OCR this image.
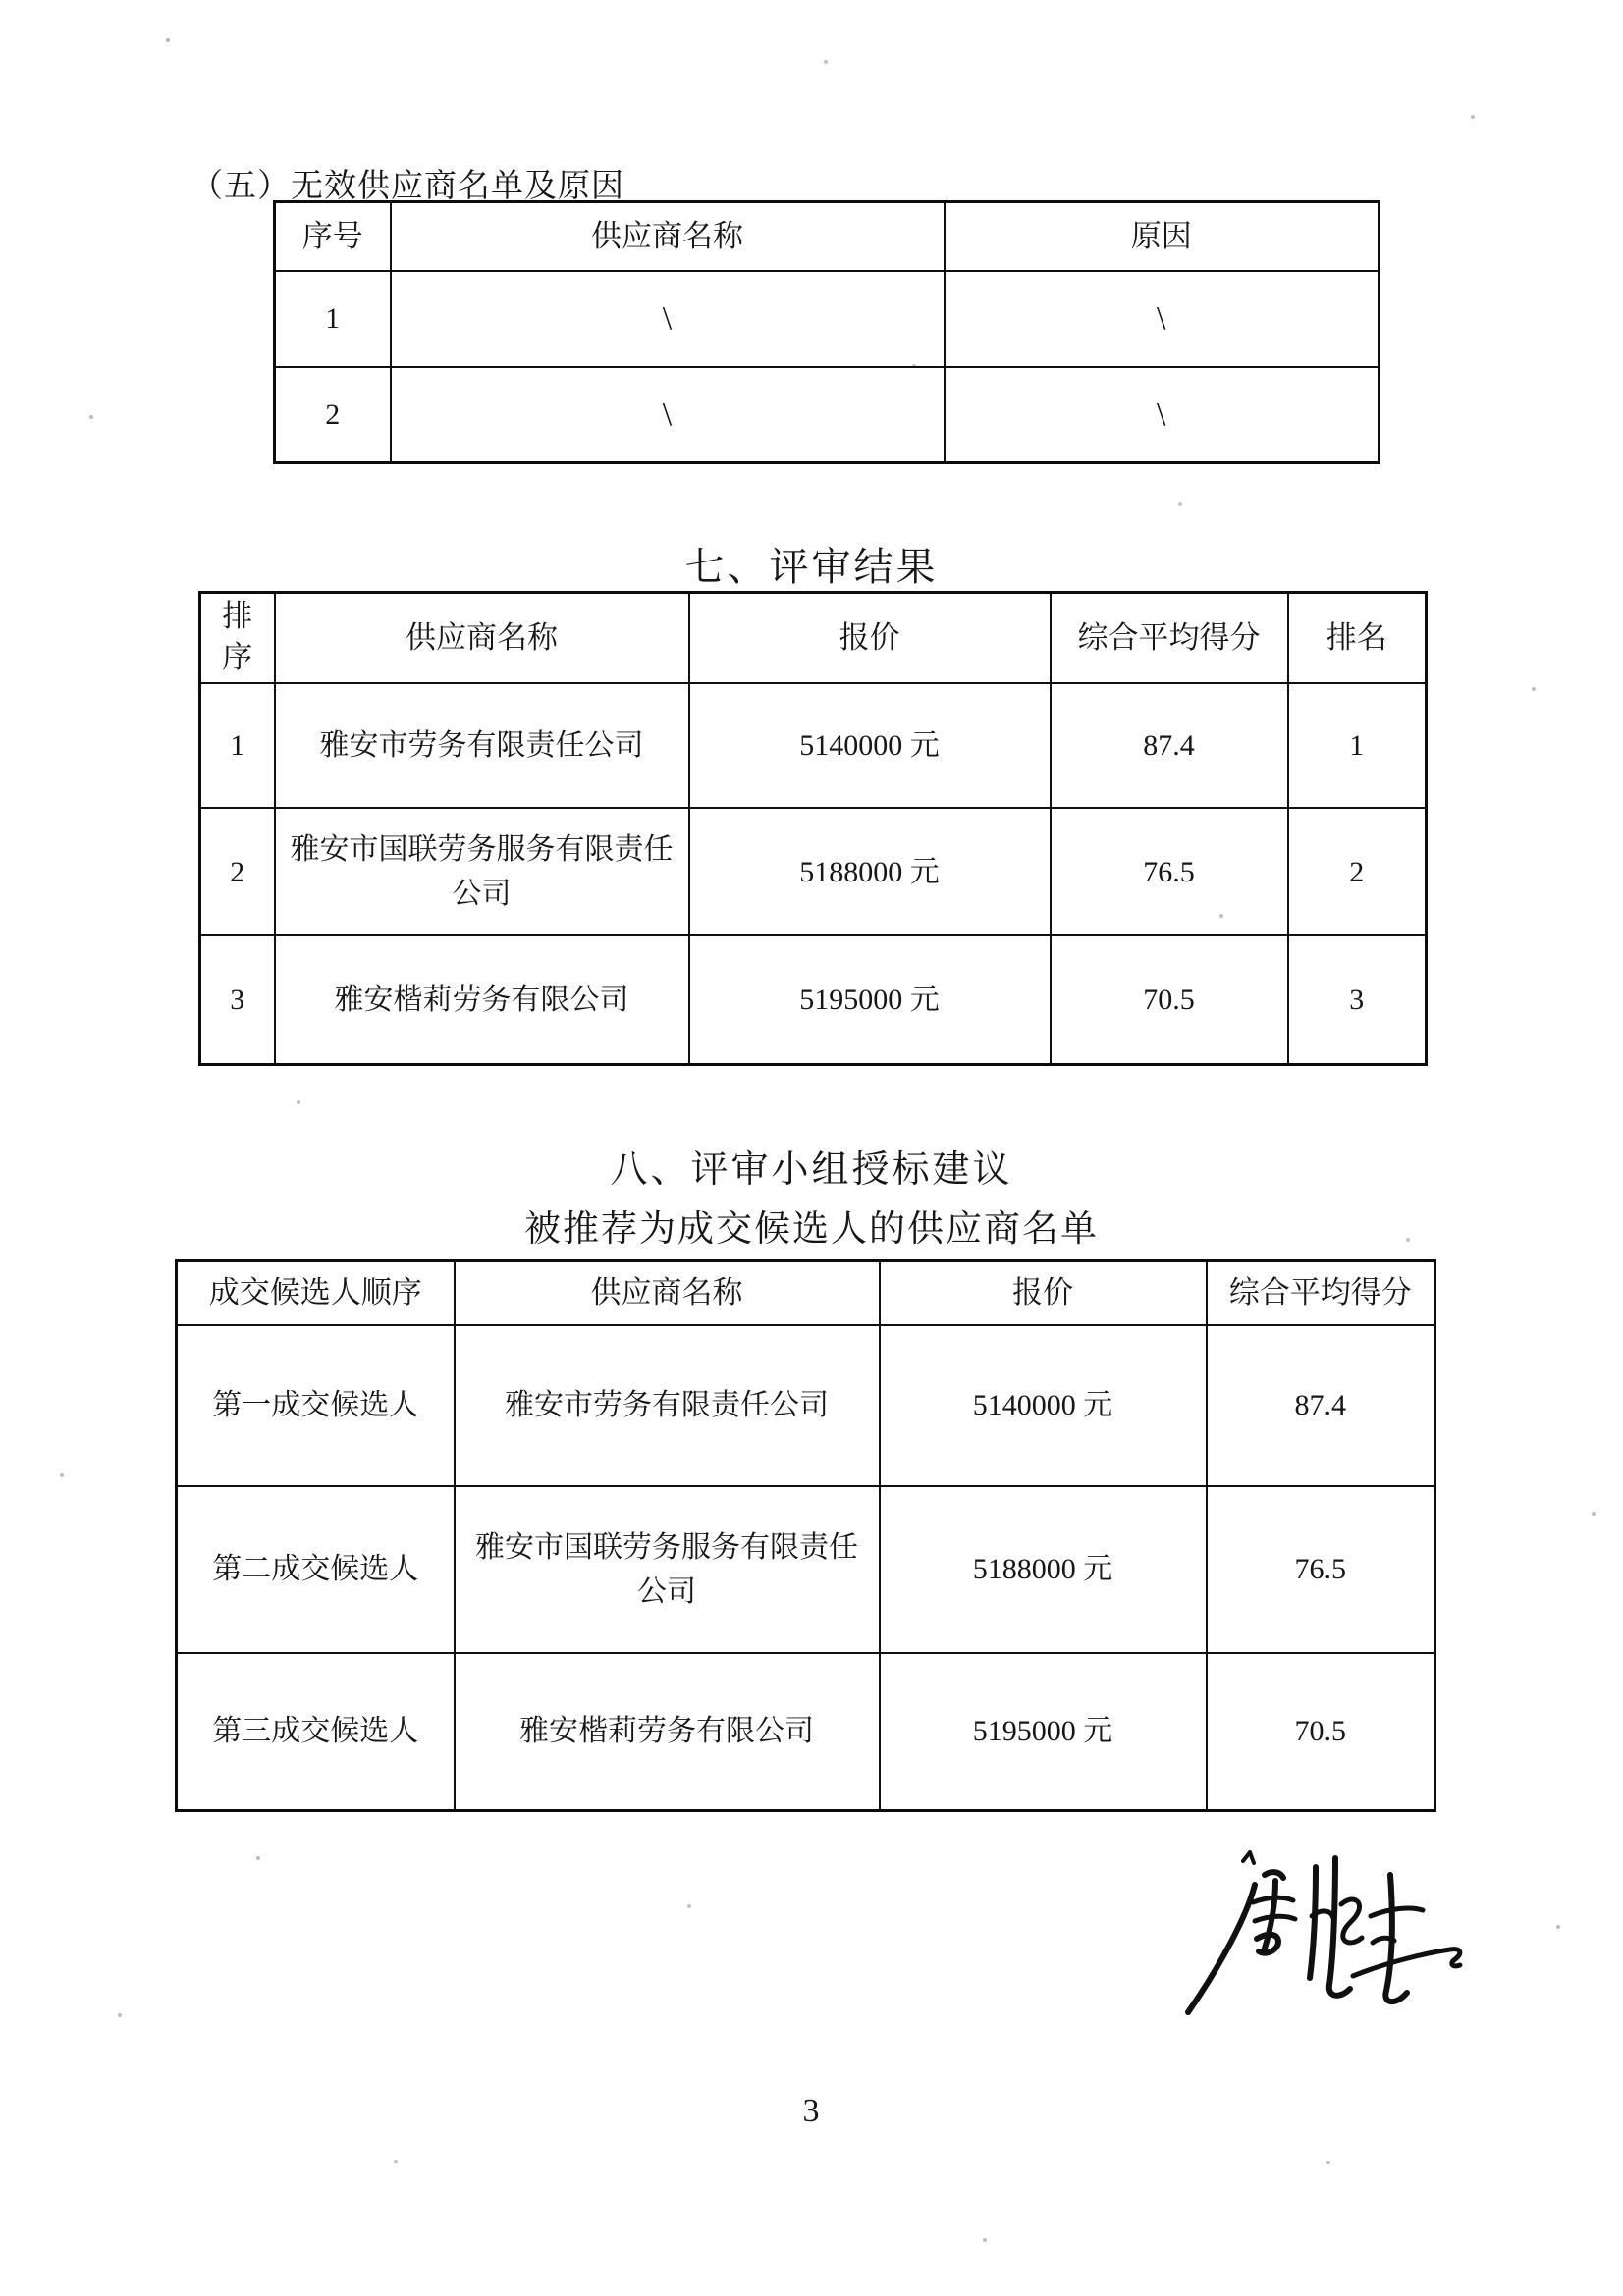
（五）无效供应商名单及原因
序号	供应商名称	原因
1	\	\
2	\	\
七、评审结果
排序	供应商名称	报价	综合平均得分	排名
1	雅安市劳务有限责任公司	5140000 元	87.4	1
2	雅安市国联劳务服务有限责任公司	5188000 元	76.5	2
3	雅安楷莉劳务有限公司	5195000 元	70.5	3
八、评审小组授标建议
被推荐为成交候选人的供应商名单
成交候选人顺序	供应商名称	报价	综合平均得分
第一成交候选人	雅安市劳务有限责任公司	5140000 元	87.4
第二成交候选人	雅安市国联劳务服务有限责任公司	5188000 元	76.5
第三成交候选人	雅安楷莉劳务有限公司	5195000 元	70.5
3
